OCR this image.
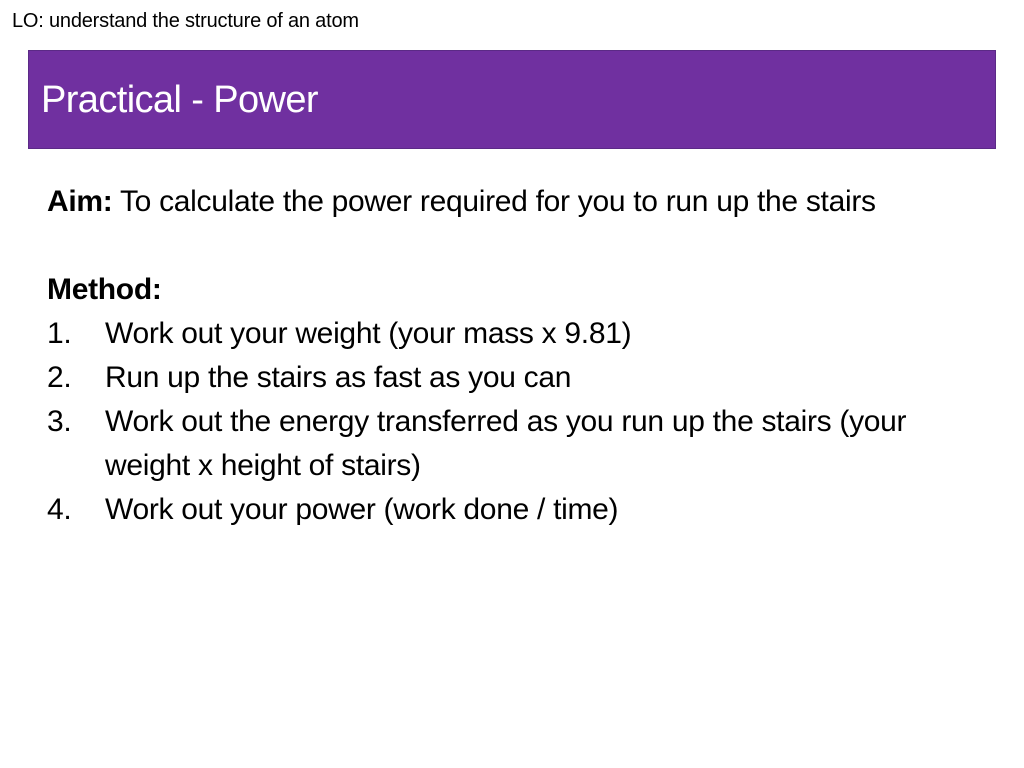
LO: understand the structure of an atom
Practical - Power

Aim: To calculate the power required for you to run up the stairs

Method:

1.	Work out your weight (your mass x 9.81)
2.	Run up the stairs as fast as you can
3.	Work out the energy transferred as you run up the stairs (your weight x height of stairs)
4.	Work out your power (work done / time)
